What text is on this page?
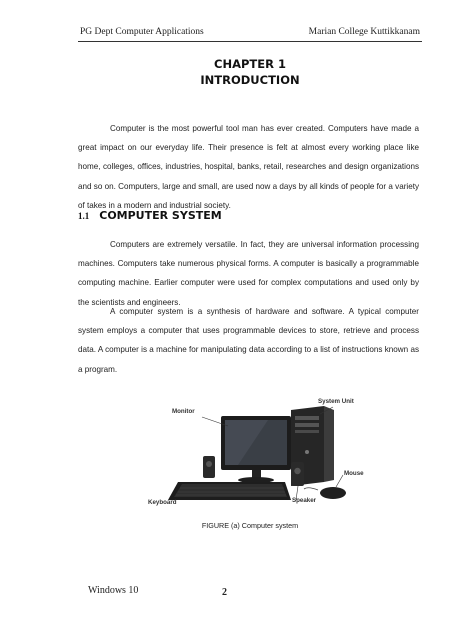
PG Dept Computer Applications	Marian College Kuttikkanam
CHAPTER 1
INTRODUCTION

Computer is the most powerful tool man has ever created. Computers have made a great impact on our everyday life. Their presence is felt at almost every working place like home, colleges, offices, industries, hospital, banks, retail, researches and design organizations and so on. Computers, large and small, are used now a days by all kinds of people for a variety of takes in a modern and industrial society.

1.1 COMPUTER SYSTEM

Computers are extremely versatile. In fact, they are universal information processing machines. Computers take numerous physical forms. A computer is basically a programmable computing machine. Earlier computer were used for complex computations and used only by the scientists and engineers.

A computer system is a synthesis of hardware and software. A typical computer system employs a computer that uses programmable devices to store, retrieve and process data. A computer is a machine for manipulating data according to a list of instructions known as a program.

Monitor
System Unit
Mouse
Keyboard	Speaker
FIGURE (a) Computer system
Windows 10	2
